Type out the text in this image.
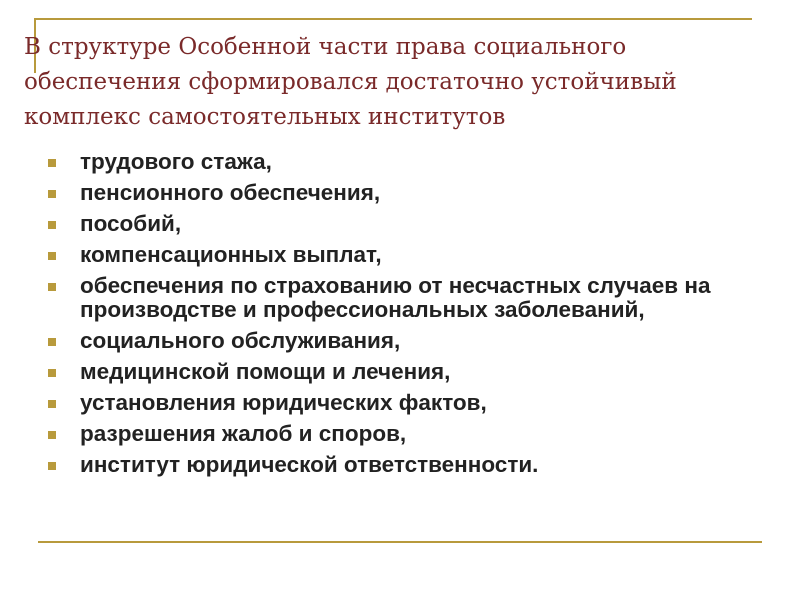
В структуре Особенной части права социального
обеспечения сформировался достаточно устойчивый
комплекс самостоятельных институтов
трудового стажа,
пенсионного обеспечения,
пособий,
компенсационных выплат,
обеспечения по страхованию от несчастных случаев на производстве и профессиональных заболеваний,
социального обслуживания,
медицинской помощи и лечения,
установления юридических фактов,
разрешения жалоб и споров,
институт юридической ответственности.
